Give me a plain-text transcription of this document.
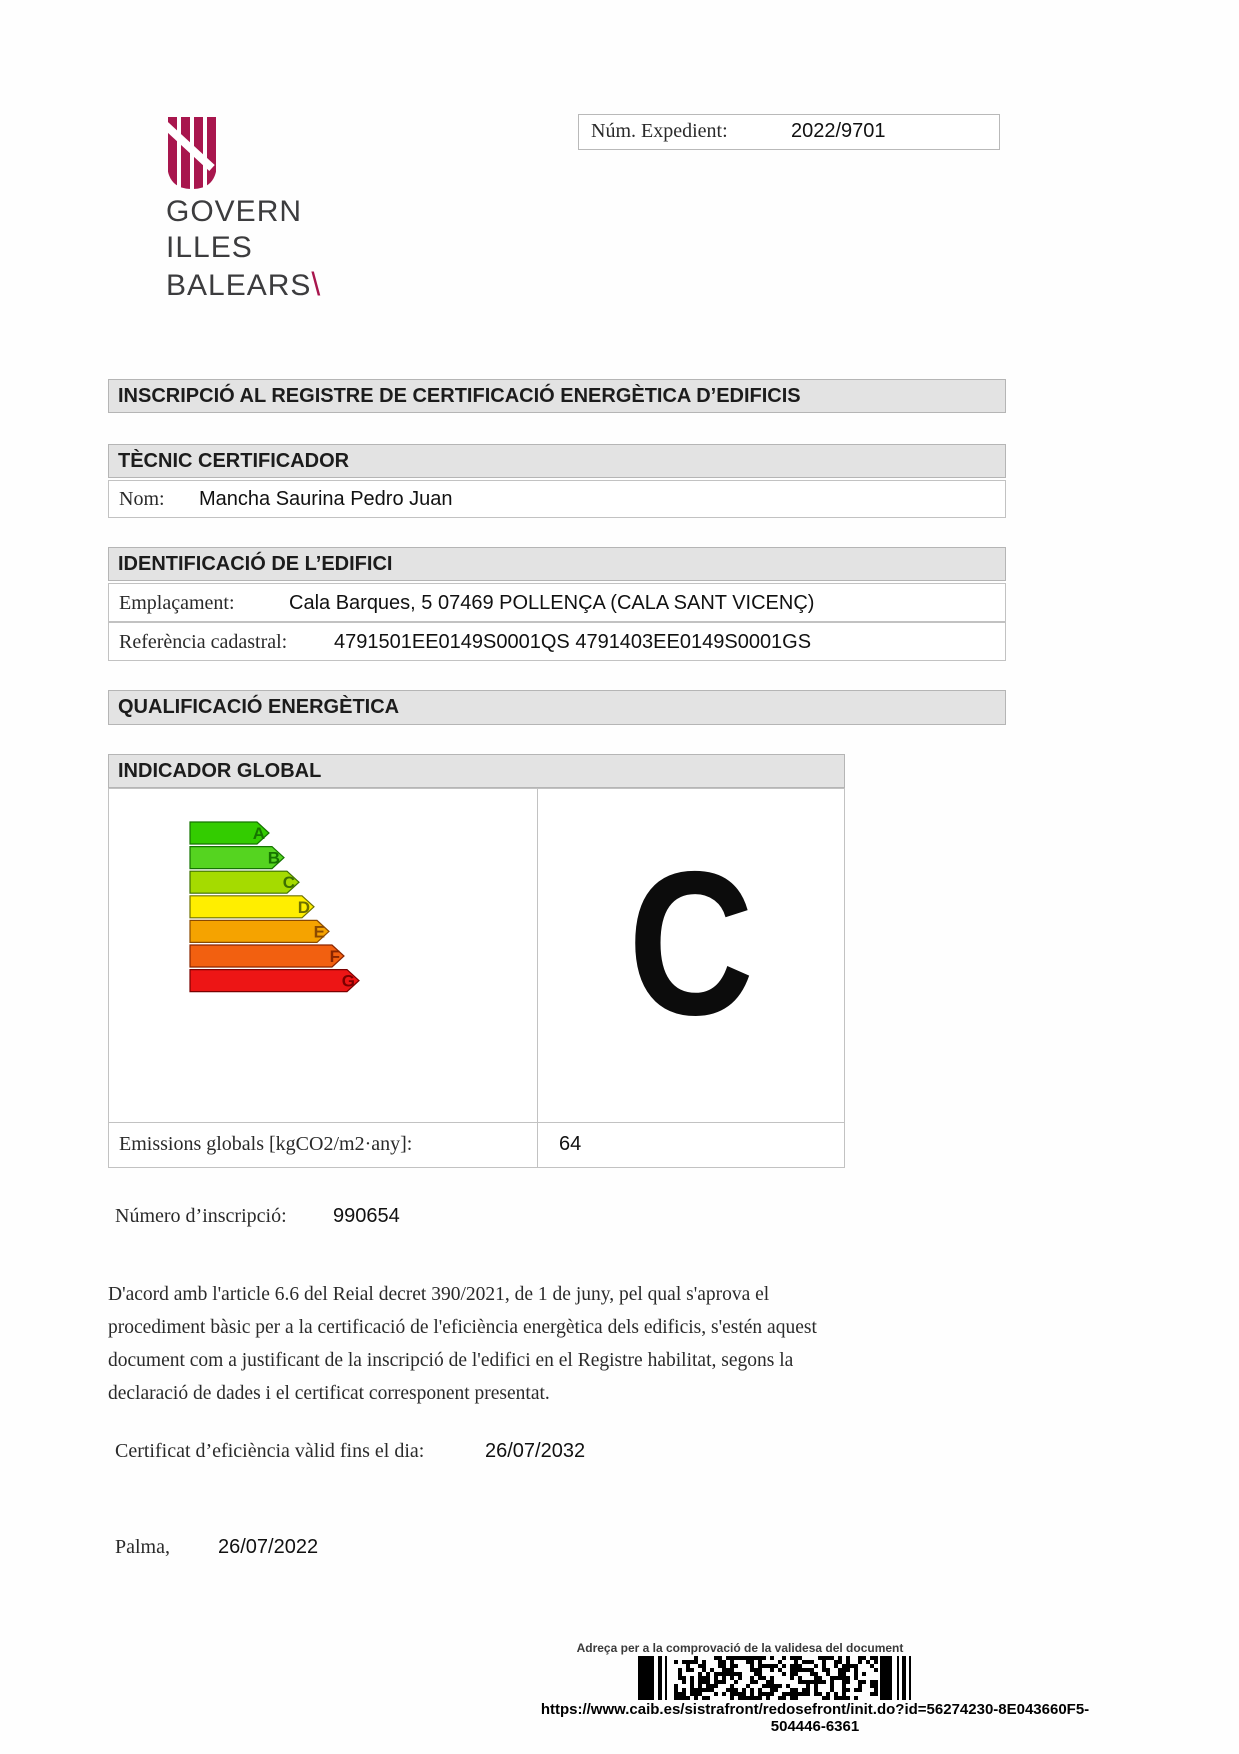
GOVERN
ILLES
BALEARS\
Núm. Expedient:	2022/9701
INSCRIPCIÓ AL REGISTRE DE CERTIFICACIÓ ENERGÈTICA D’EDIFICIS
TÈCNIC CERTIFICADOR
Nom: Mancha Saurina Pedro Juan
IDENTIFICACIÓ DE L’EDIFICI
Emplaçament:	Cala Barques, 5 07469 POLLENÇA (CALA SANT VICENÇ)
Referència cadastral: 4791501EE0149S0001QS 4791403EE0149S0001GS
QUALIFICACIÓ ENERGÈTICA
INDICADOR GLOBAL
A
B
C
D
E
F
G C
Emissions globals [kgCO2/m2·any]:	64
Número d’inscripció: 990654
D'acord amb l'article 6.6 del Reial decret 390/2021, de 1 de juny, pel qual s'aprova el
procediment bàsic per a la certificació de l'eficiència energètica dels edificis, s'estén aquest
document com a justificant de la inscripció de l'edifici en el Registre habilitat, segons la
declaració de dades i el certificat corresponent presentat.
Certificat d’eficiència vàlid fins el dia:	26/07/2032
Palma, 26/07/2022
Adreça per a la comprovació de la validesa del document
https://www.caib.es/sistrafront/redosefront/init.do?id=56274230-8E043660F5-504446-6361
